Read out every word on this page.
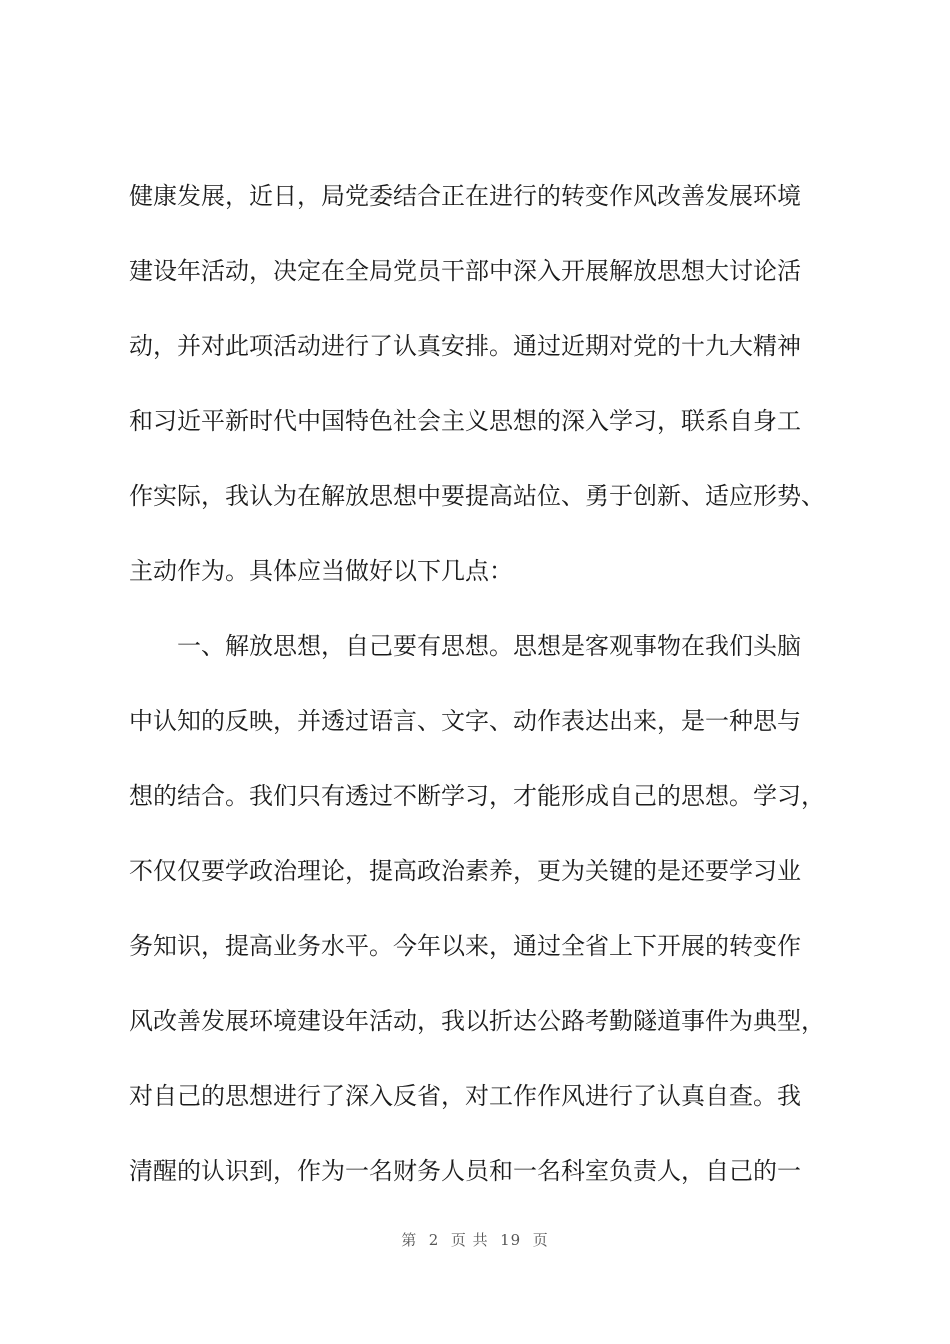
健康发展，近日，局党委结合正在进行的转变作风改善发展环境
建设年活动，决定在全局党员干部中深入开展解放思想大讨论活
动，并对此项活动进行了认真安排。通过近期对党的十九大精神
和习近平新时代中国特色社会主义思想的深入学习，联系自身工
作实际，我认为在解放思想中要提高站位、勇于创新、适应形势、
主动作为。具体应当做好以下几点：
　　一、解放思想，自己要有思想。思想是客观事物在我们头脑
中认知的反映，并透过语言、文字、动作表达出来，是一种思与
想的结合。我们只有透过不断学习，才能形成自己的思想。学习，
不仅仅要学政治理论，提高政治素养，更为关键的是还要学习业
务知识，提高业务水平。今年以来，通过全省上下开展的转变作
风改善发展环境建设年活动，我以折达公路考勤隧道事件为典型，
对自己的思想进行了深入反省，对工作作风进行了认真自查。我
清醒的认识到，作为一名财务人员和一名科室负责人，自己的一
第  2  页 共  19  页
